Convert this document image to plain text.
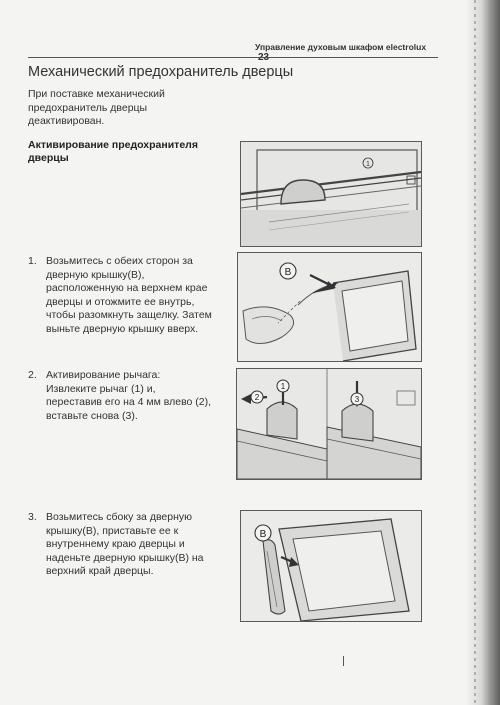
Управление духовым шкафом electrolux 23
Механический предохранитель дверцы
При поставке механический
предохранитель дверцы
деактивирован.
Активирование предохранителя
дверцы
1. Возьмитесь с обеих сторон за
дверную крышку(B),
расположенную на верхнем крае
дверцы и отожмите ее внутрь,
чтобы разомкнуть защелку. Затем
выньте дверную крышку вверх.
2. Активирование рычага:
Извлеките рычаг (1) и,
переставив его на 4 мм влево (2),
вставьте снова (3).
3. Возьмитесь сбоку за дверную
крышку(B), приставьте ее к
внутреннему краю дверцы и
наденьте дверную крышку(B) на
верхний край дверцы.
1
B
1
2	3
B
